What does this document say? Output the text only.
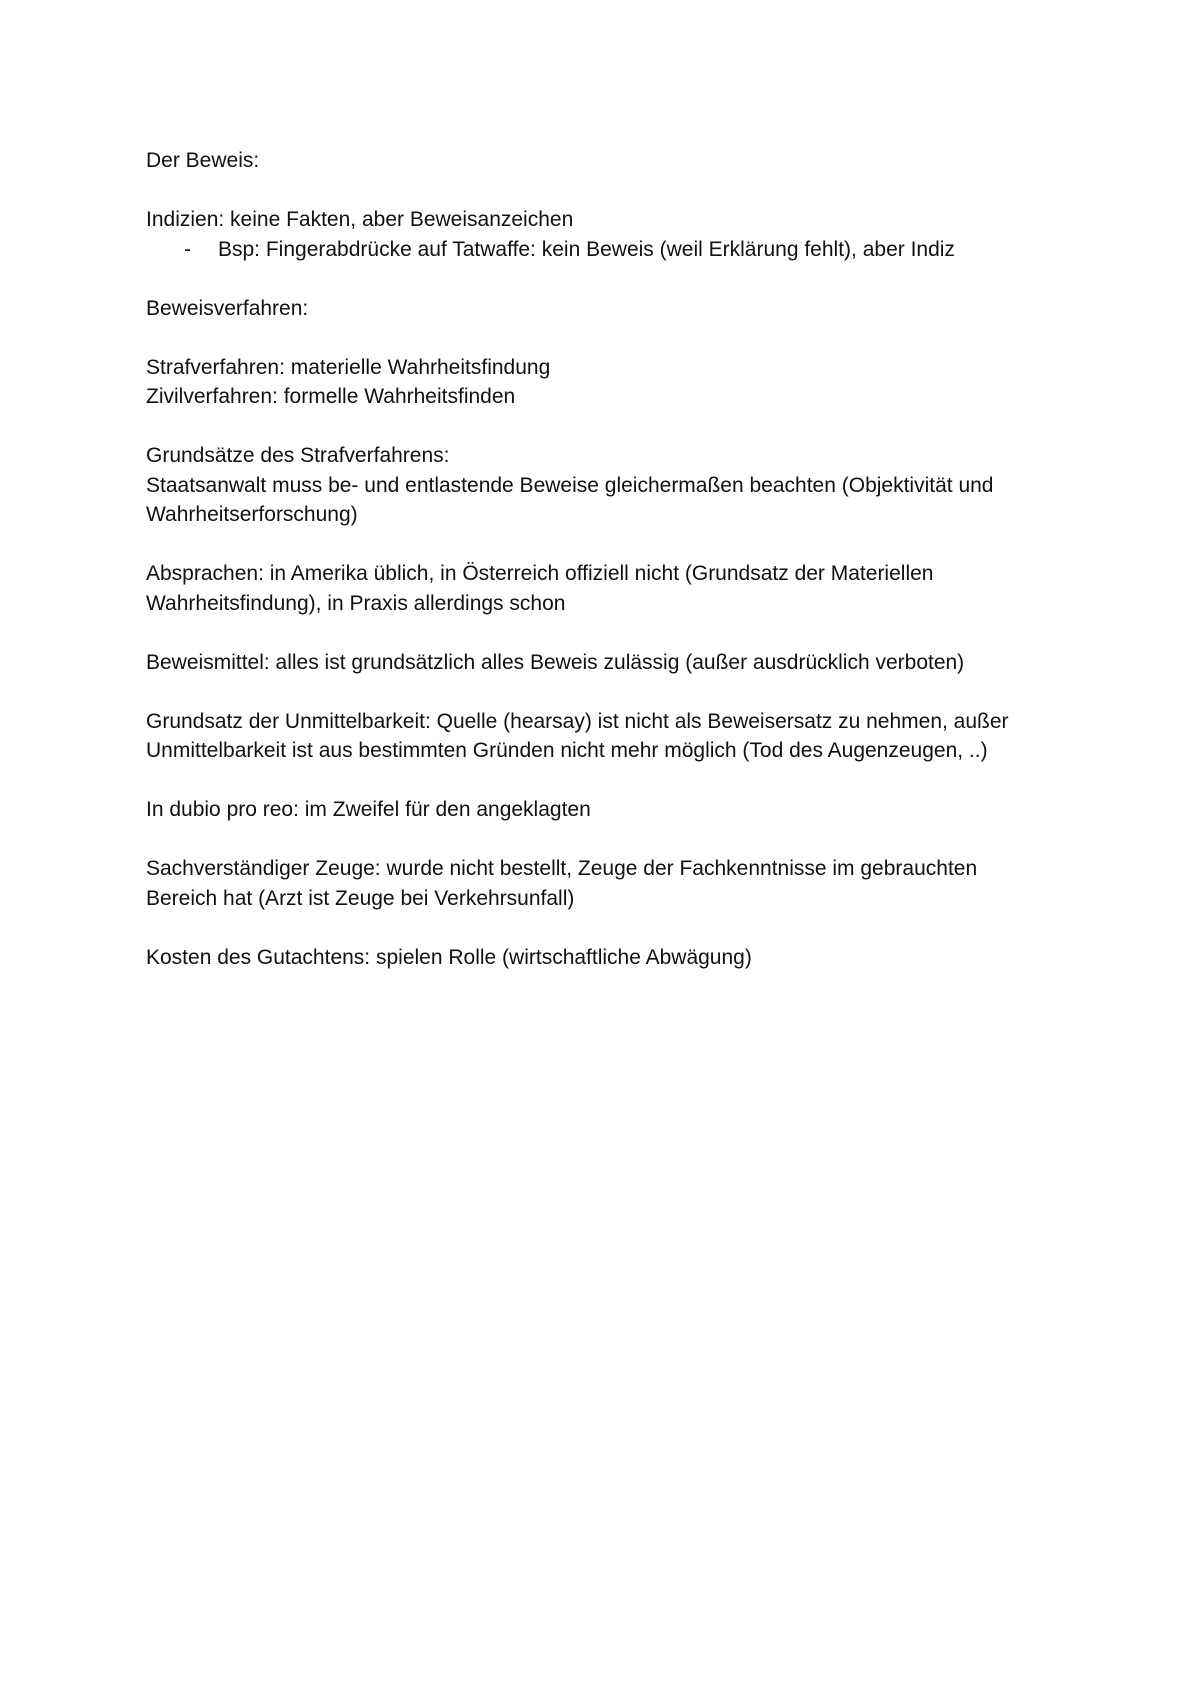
Der Beweis:

Indizien: keine Fakten, aber Beweisanzeichen

- Bsp: Fingerabdrücke auf Tatwaffe: kein Beweis (weil Erklärung fehlt), aber Indiz

Beweisverfahren:

Strafverfahren: materielle Wahrheitsfindung

Zivilverfahren: formelle Wahrheitsfinden

Grundsätze des Strafverfahrens:

Staatsanwalt muss be- und entlastende Beweise gleichermaßen beachten (Objektivität und

Wahrheitserforschung)

Absprachen: in Amerika üblich, in Österreich offiziell nicht (Grundsatz der Materiellen

Wahrheitsfindung), in Praxis allerdings schon

Beweismittel: alles ist grundsätzlich alles Beweis zulässig (außer ausdrücklich verboten)

Grundsatz der Unmittelbarkeit: Quelle (hearsay) ist nicht als Beweisersatz zu nehmen, außer

Unmittelbarkeit ist aus bestimmten Gründen nicht mehr möglich (Tod des Augenzeugen, ..)

In dubio pro reo: im Zweifel für den angeklagten

Sachverständiger Zeuge: wurde nicht bestellt, Zeuge der Fachkenntnisse im gebrauchten

Bereich hat (Arzt ist Zeuge bei Verkehrsunfall)

Kosten des Gutachtens: spielen Rolle (wirtschaftliche Abwägung)
